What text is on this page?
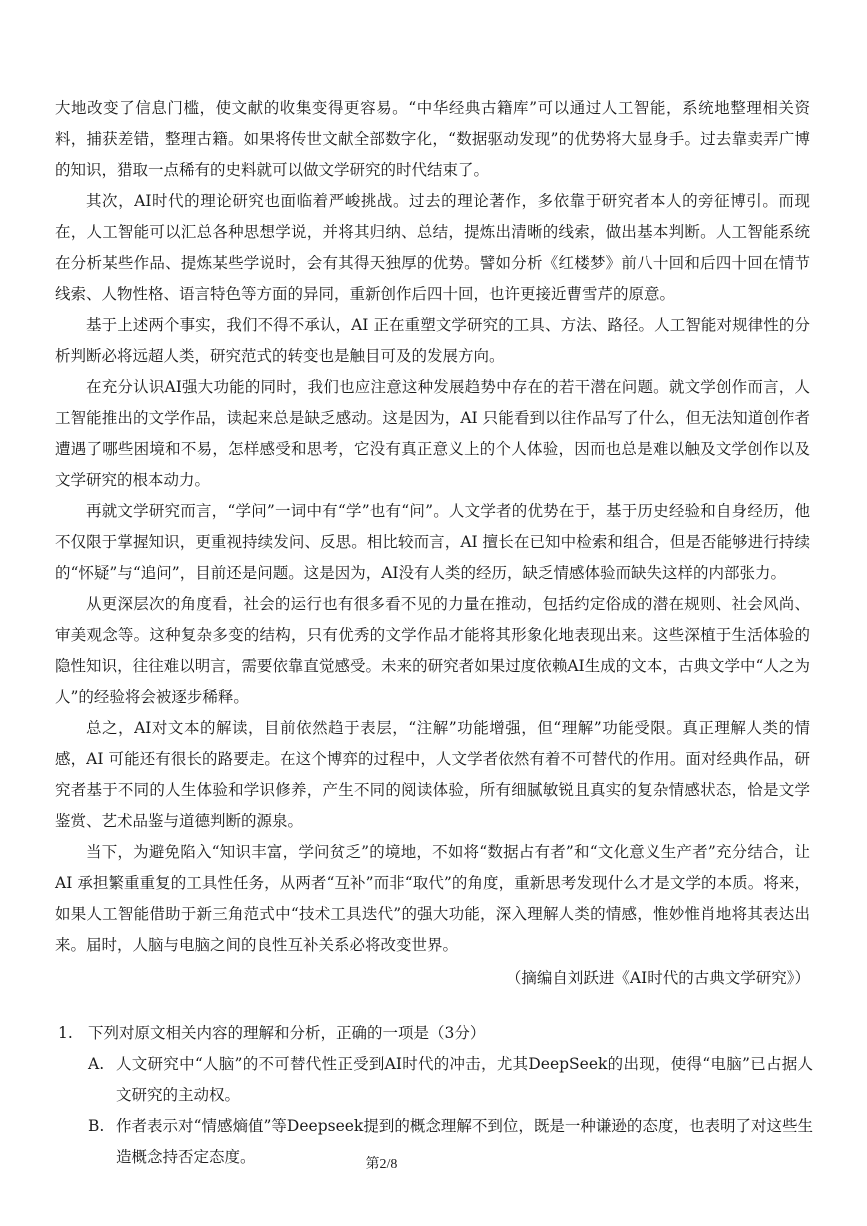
大地改变了信息门槛，使文献的收集变得更容易。“中华经典古籍库”可以通过人工智能，系统地整理相关资料，捕获差错，整理古籍。如果将传世文献全部数字化，“数据驱动发现”的优势将大显身手。过去靠卖弄广博的知识，猎取一点稀有的史料就可以做文学研究的时代结束了。

其次，AI时代的理论研究也面临着严峻挑战。过去的理论著作，多依靠于研究者本人的旁征博引。而现在，人工智能可以汇总各种思想学说，并将其归纳、总结，提炼出清晰的线索，做出基本判断。人工智能系统在分析某些作品、提炼某些学说时，会有其得天独厚的优势。譬如分析《红楼梦》前八十回和后四十回在情节线索、人物性格、语言特色等方面的异同，重新创作后四十回，也许更接近曹雪芹的原意。

基于上述两个事实，我们不得不承认，AI 正在重塑文学研究的工具、方法、路径。人工智能对规律性的分析判断必将远超人类，研究范式的转变也是触目可及的发展方向。

在充分认识AI强大功能的同时，我们也应注意这种发展趋势中存在的若干潜在问题。就文学创作而言，人工智能推出的文学作品，读起来总是缺乏感动。这是因为，AI 只能看到以往作品写了什么，但无法知道创作者遭遇了哪些困境和不易，怎样感受和思考，它没有真正意义上的个人体验，因而也总是难以触及文学创作以及文学研究的根本动力。

再就文学研究而言，“学问”一词中有“学”也有“问”。人文学者的优势在于，基于历史经验和自身经历，他不仅限于掌握知识，更重视持续发问、反思。相比较而言，AI 擅长在已知中检索和组合，但是否能够进行持续的“怀疑”与“追问”，目前还是问题。这是因为，AI没有人类的经历，缺乏情感体验而缺失这样的内部张力。

从更深层次的角度看，社会的运行也有很多看不见的力量在推动，包括约定俗成的潜在规则、社会风尚、审美观念等。这种复杂多变的结构，只有优秀的文学作品才能将其形象化地表现出来。这些深植于生活体验的隐性知识，往往难以明言，需要依靠直觉感受。未来的研究者如果过度依赖AI生成的文本，古典文学中“人之为人”的经验将会被逐步稀释。

总之，AI对文本的解读，目前依然趋于表层，“注解”功能增强，但“理解”功能受限。真正理解人类的情感，AI 可能还有很长的路要走。在这个博弈的过程中，人文学者依然有着不可替代的作用。面对经典作品，研究者基于不同的人生体验和学识修养，产生不同的阅读体验，所有细腻敏锐且真实的复杂情感状态，恰是文学鉴赏、艺术品鉴与道德判断的源泉。

当下，为避免陷入“知识丰富，学问贫乏”的境地，不如将“数据占有者”和“文化意义生产者”充分结合，让 AI 承担繁重重复的工具性任务，从两者“互补”而非“取代”的角度，重新思考发现什么才是文学的本质。将来，如果人工智能借助于新三角范式中“技术工具迭代”的强大功能，深入理解人类的情感，惟妙惟肖地将其表达出来。届时，人脑与电脑之间的良性互补关系必将改变世界。

（摘编自刘跃进《AI时代的古典文学研究》）

1. 下列对原文相关内容的理解和分析，正确的一项是（3分）
A. 人文研究中“人脑”的不可替代性正受到AI时代的冲击，尤其DeepSeek的出现，使得“电脑”已占据人文研究的主动权。
B. 作者表示对“情感熵值”等Deepseek提到的概念理解不到位，既是一种谦逊的态度，也表明了对这些生造概念持否定态度。	第2/8
